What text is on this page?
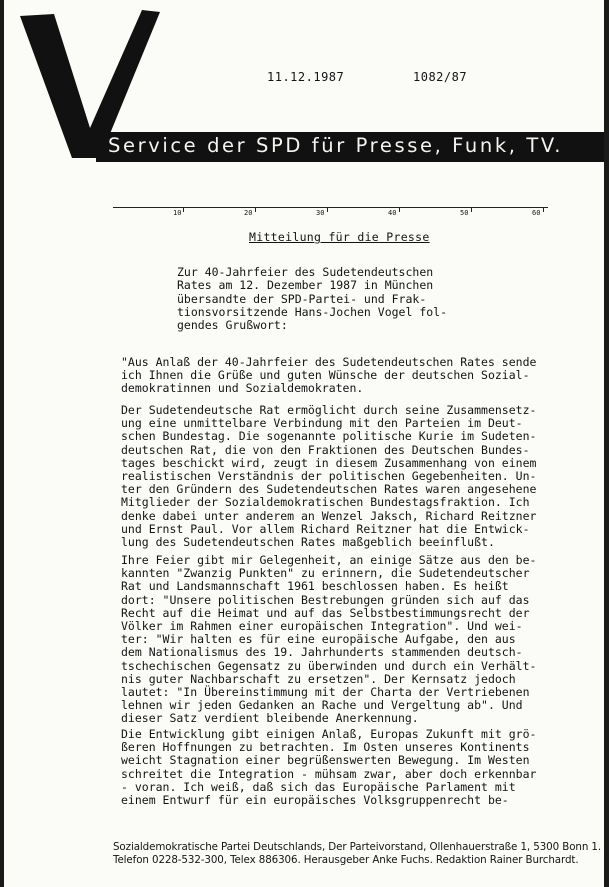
11.12.1987	1082/87
Service der SPD für Presse, Funk, TV.
10	20	30	40	50	60
Mitteilung für die Presse

Zur 40-Jahrfeier des Sudetendeutschen
Rates am 12. Dezember 1987 in München
übersandte der SPD-Partei- und Frak-
tionsvorsitzende Hans-Jochen Vogel fol-
gendes Grußwort:

"Aus Anlaß der 40-Jahrfeier des Sudetendeutschen Rates sende
ich Ihnen die Grüße und guten Wünsche der deutschen Sozial-
demokratinnen und Sozialdemokraten.

Der Sudetendeutsche Rat ermöglicht durch seine Zusammensetz-
ung eine unmittelbare Verbindung mit den Parteien im Deut-
schen Bundestag. Die sogenannte politische Kurie im Sudeten-
deutschen Rat, die von den Fraktionen des Deutschen Bundes-
tages beschickt wird, zeugt in diesem Zusammenhang von einem
realistischen Verständnis der politischen Gegebenheiten. Un-
ter den Gründern des Sudetendeutschen Rates waren angesehene
Mitglieder der Sozialdemokratischen Bundestagsfraktion. Ich
denke dabei unter anderem an Wenzel Jaksch, Richard Reitzner
und Ernst Paul. Vor allem Richard Reitzner hat die Entwick-
lung des Sudetendeutschen Rates maßgeblich beeinflußt.

Ihre Feier gibt mir Gelegenheit, an einige Sätze aus den be-
kannten "Zwanzig Punkten" zu erinnern, die Sudetendeutscher
Rat und Landsmannschaft 1961 beschlossen haben. Es heißt
dort: "Unsere politischen Bestrebungen gründen sich auf das
Recht auf die Heimat und auf das Selbstbestimmungsrecht der
Völker im Rahmen einer europäischen Integration". Und wei-
ter: "Wir halten es für eine europäische Aufgabe, den aus
dem Nationalismus des 19. Jahrhunderts stammenden deutsch-
tschechischen Gegensatz zu überwinden und durch ein Verhält-
nis guter Nachbarschaft zu ersetzen". Der Kernsatz jedoch
lautet: "In Übereinstimmung mit der Charta der Vertriebenen
lehnen wir jeden Gedanken an Rache und Vergeltung ab". Und
dieser Satz verdient bleibende Anerkennung.

Die Entwicklung gibt einigen Anlaß, Europas Zukunft mit grö-
ßeren Hoffnungen zu betrachten. Im Osten unseres Kontinents
weicht Stagnation einer begrüßenswerten Bewegung. Im Westen
schreitet die Integration - mühsam zwar, aber doch erkennbar
- voran. Ich weiß, daß sich das Europäische Parlament mit
einem Entwurf für ein europäisches Volksgruppenrecht be-

Sozialdemokratische Partei Deutschlands, Der Parteivorstand, Ollenhauerstraße 1, 5300 Bonn 1.
Telefon 0228-532-300, Telex 886306. Herausgeber Anke Fuchs. Redaktion Rainer Burchardt.
